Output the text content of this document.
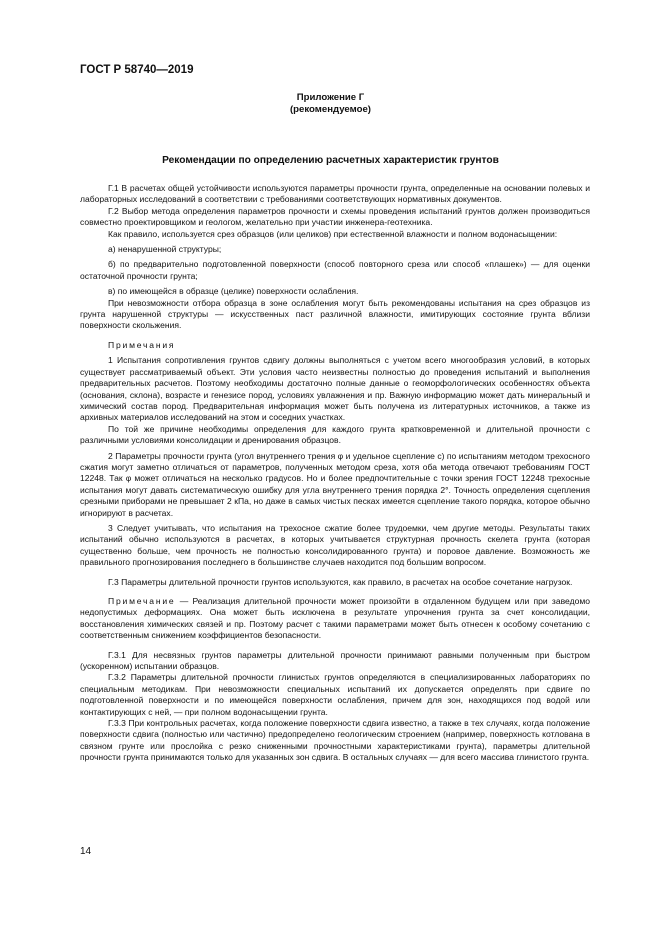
ГОСТ Р 58740—2019
Приложение Г
(рекомендуемое)
Рекомендации по определению расчетных характеристик грунтов

Г.1 В расчетах общей устойчивости используются параметры прочности грунта, определенные на основании полевых и лабораторных исследований в соответствии с требованиями соответствующих нормативных документов.

Г.2 Выбор метода определения параметров прочности и схемы проведения испытаний грунтов должен производиться совместно проектировщиком и геологом, желательно при участии инженера-геотехника.

Как правило, используется срез образцов (или целиков) при естественной влажности и полном водонасыщении:

а) ненарушенной структуры;

б) по предварительно подготовленной поверхности (способ повторного среза или способ «плашек») — для оценки остаточной прочности грунта;

в) по имеющейся в образце (целике) поверхности ослабления.

При невозможности отбора образца в зоне ослабления могут быть рекомендованы испытания на срез образцов из грунта нарушенной структуры — искусственных паст различной влажности, имитирующих состояние грунта вблизи поверхности скольжения.

Примечания

1 Испытания сопротивления грунтов сдвигу должны выполняться с учетом всего многообразия условий, в которых существует рассматриваемый объект. Эти условия часто неизвестны полностью до проведения испытаний и выполнения предварительных расчетов. Поэтому необходимы достаточно полные данные о геоморфологических особенностях объекта (основания, склона), возрасте и генезисе пород, условиях увлажнения и пр. Важную информацию может дать минеральный и химический состав пород. Предварительная информация может быть получена из литературных источников, а также из архивных материалов исследований на этом и соседних участках.

По той же причине необходимы определения для каждого грунта кратковременной и длительной прочности с различными условиями консолидации и дренирования образцов.

2 Параметры прочности грунта (угол внутреннего трения φ и удельное сцепление с) по испытаниям методом трехосного сжатия могут заметно отличаться от параметров, полученных методом среза, хотя оба метода отвечают требованиям ГОСТ 12248. Так φ может отличаться на несколько градусов. Но и более предпочтительные с точки зрения ГОСТ 12248 трехосные испытания могут давать систематическую ошибку для угла внутреннего трения порядка 2°. Точность определения сцепления срезными приборами не превышает 2 кПа, но даже в самых чистых песках имеется сцепление такого порядка, которое обычно игнорируют в расчетах.

3 Следует учитывать, что испытания на трехосное сжатие более трудоемки, чем другие методы. Результаты таких испытаний обычно используются в расчетах, в которых учитывается структурная прочность скелета грунта (которая существенно больше, чем прочность не полностью консолидированного грунта) и поровое давление. Возможность же правильного прогнозирования последнего в большинстве случаев находится под большим вопросом.

Г.3 Параметры длительной прочности грунтов используются, как правило, в расчетах на особое сочетание нагрузок.

Примечание — Реализация длительной прочности может произойти в отдаленном будущем или при заведомо недопустимых деформациях. Она может быть исключена в результате упрочнения грунта за счет консолидации, восстановления химических связей и пр. Поэтому расчет с такими параметрами может быть отнесен к особому сочетанию с соответственным снижением коэффициентов безопасности.

Г.3.1 Для несвязных грунтов параметры длительной прочности принимают равными полученным при быстром (ускоренном) испытании образцов.

Г.3.2 Параметры длительной прочности глинистых грунтов определяются в специализированных лабораториях по специальным методикам. При невозможности специальных испытаний их допускается определять при сдвиге по подготовленной поверхности и по имеющейся поверхности ослабления, причем для зон, находящихся под водой или контактирующих с ней, — при полном водонасыщении грунта.

Г.3.3 При контрольных расчетах, когда положение поверхности сдвига известно, а также в тех случаях, когда положение поверхности сдвига (полностью или частично) предопределено геологическим строением (например, поверхность котлована в связном грунте или прослойка с резко сниженными прочностными характеристиками грунта), параметры длительной прочности грунта принимаются только для указанных зон сдвига. В остальных случаях — для всего массива глинистого грунта.

14
